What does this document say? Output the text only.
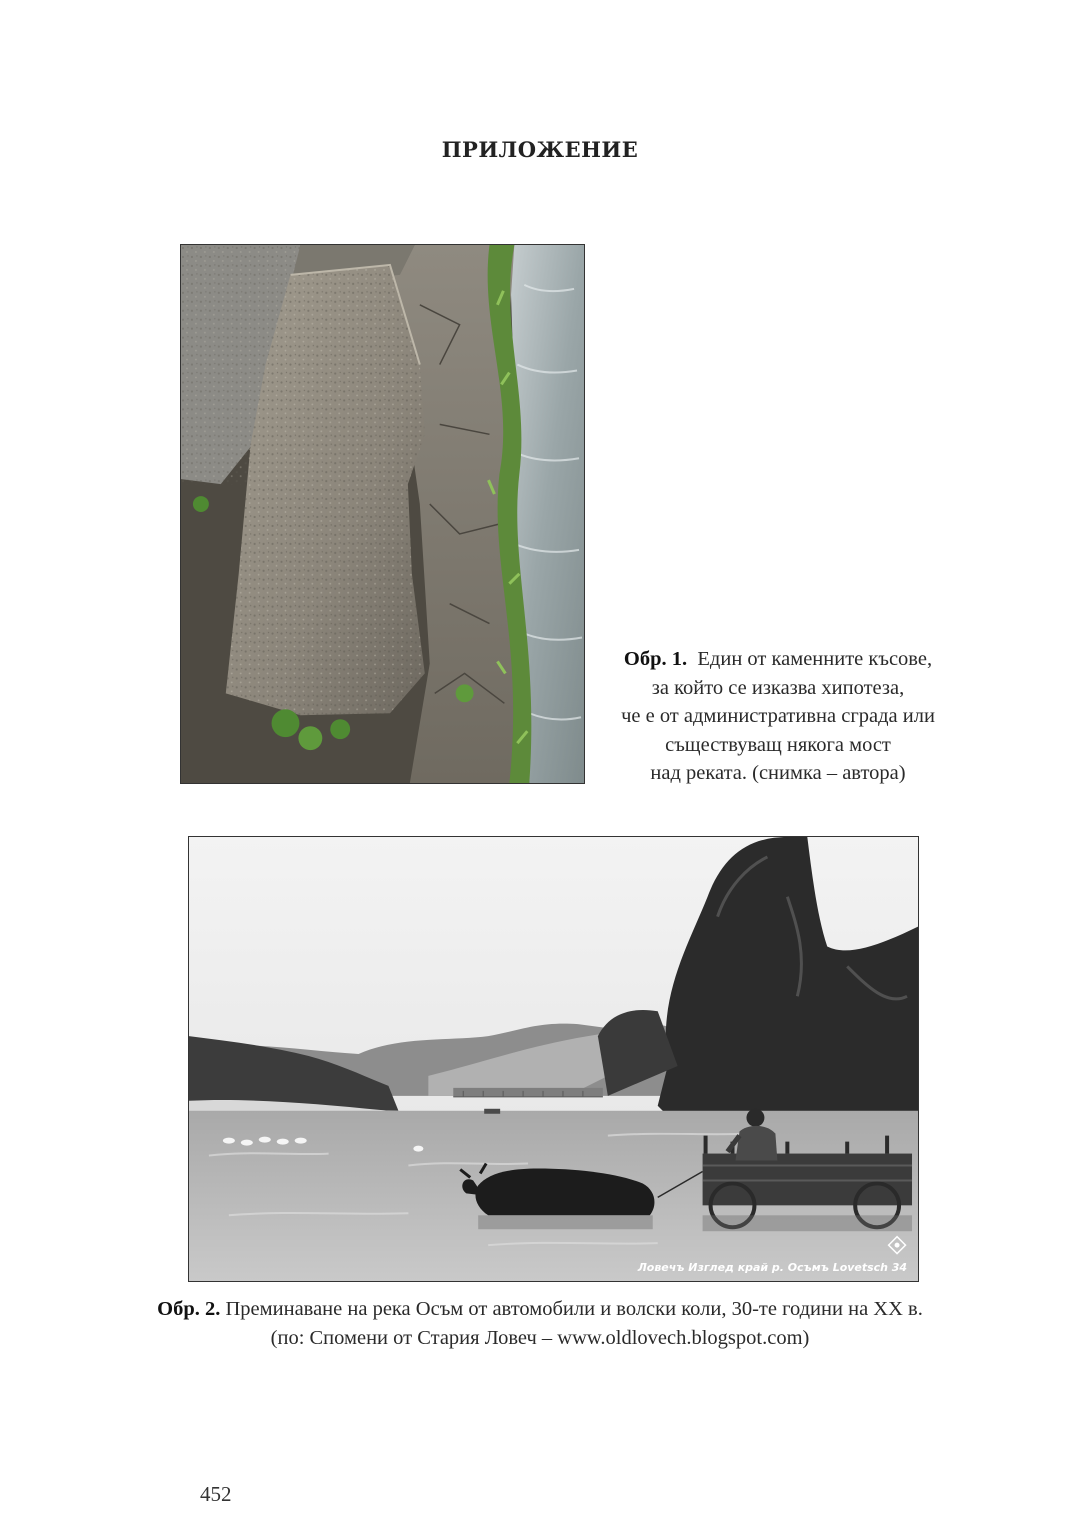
ПРИЛОЖЕНИЕ
Обр. 1. Един от каменните късове,
за който се изказва хипотеза,
че е от административна сграда или
съществуващ някога мост
над реката. (снимка – автора)
Ловечъ Изглед край р. Осъмъ Lovetsch 34
Обр. 2. Преминаване на река Осъм от автомобили и волски коли, 30-те години на XX в.
(по: Спомени от Стария Ловеч – www.oldlovech.blogspot.com)
452
